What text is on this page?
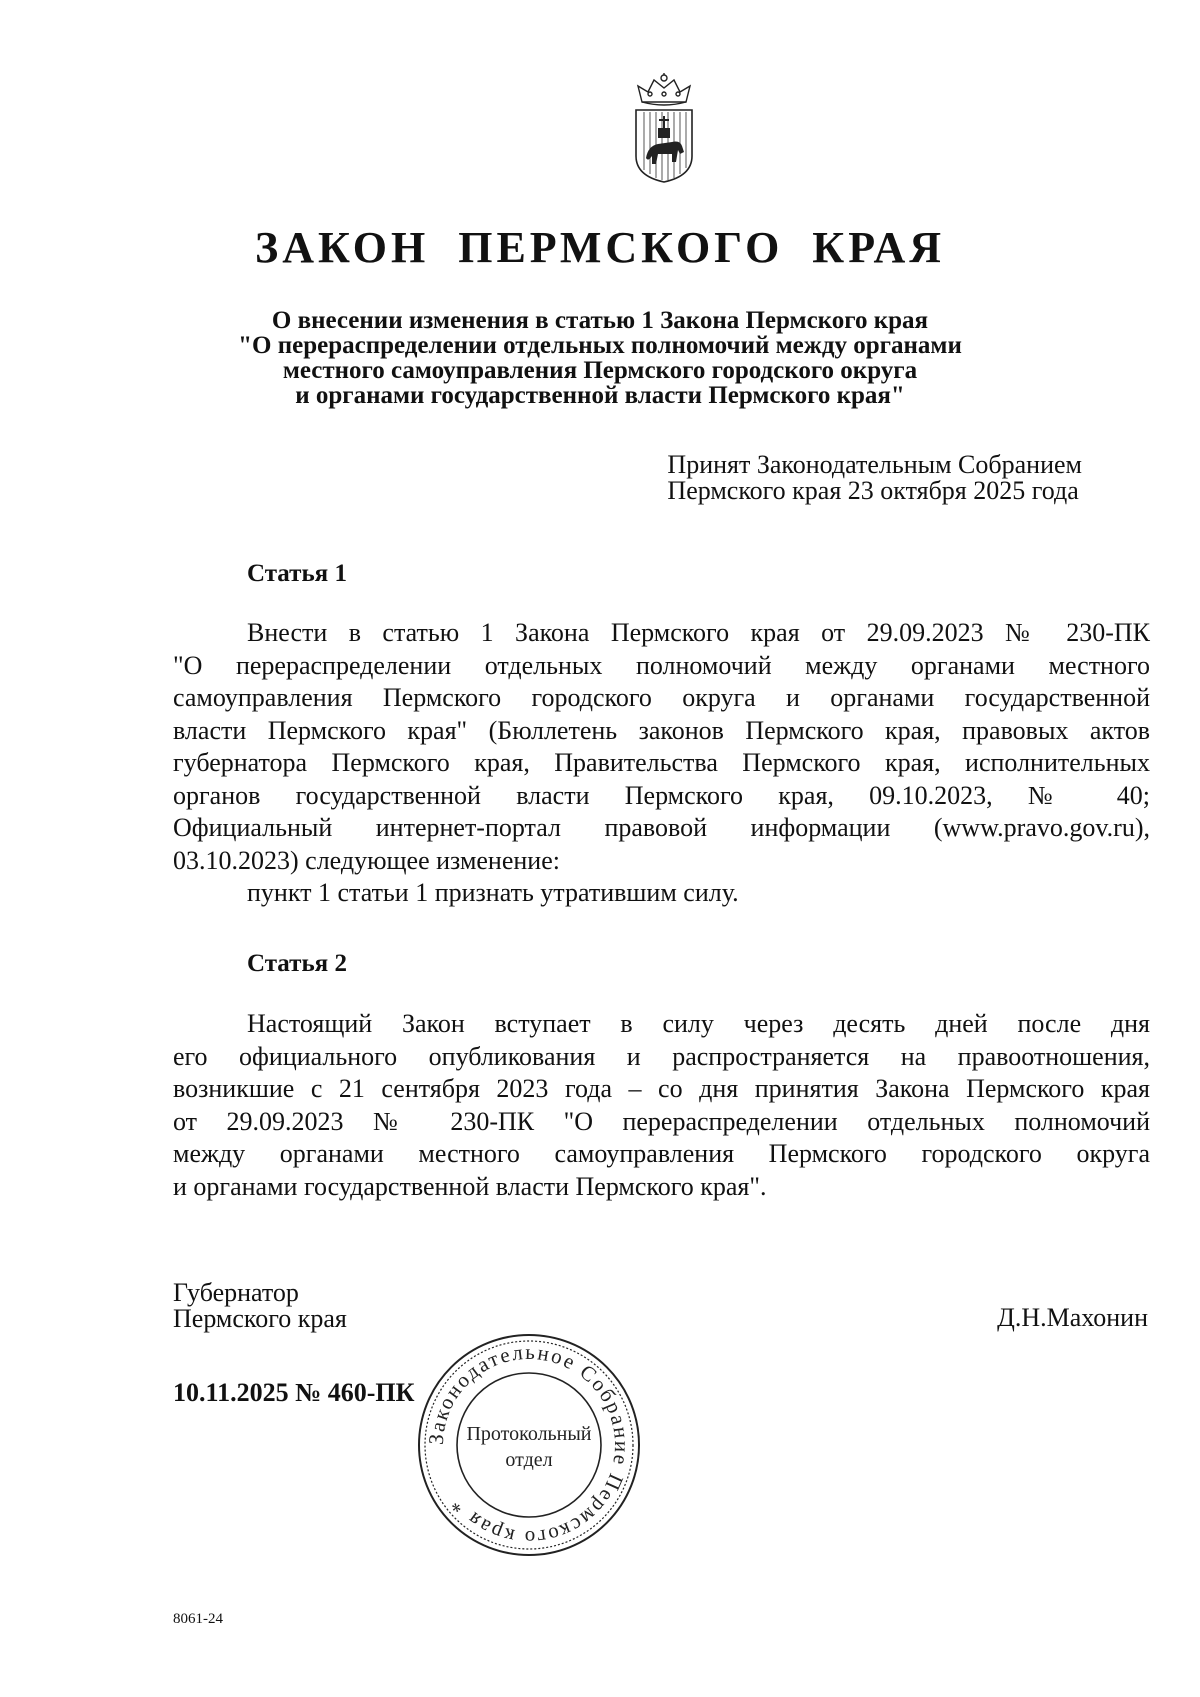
ЗАКОН ПЕРМСКОГО КРАЯ
О внесении изменения в статью 1 Закона Пермского края
"О перераспределении отдельных полномочий между органами
местного самоуправления Пермского городского округа
и органами государственной власти Пермского края"
Принят Законодательным Собранием
Пермского края 23 октября 2025 года
Статья 1
Внести в статью 1 Закона Пермского края от 29.09.2023 № 230-ПК
"О перераспределении отдельных полномочий между органами местного
самоуправления Пермского городского округа и органами государственной
власти Пермского края" (Бюллетень законов Пермского края, правовых актов
губернатора Пермского края, Правительства Пермского края, исполнительных
органов государственной власти Пермского края, 09.10.2023, № 40;
Официальный интернет-портал правовой информации (www.pravo.gov.ru),
03.10.2023) следующее изменение:
пункт 1 статьи 1 признать утратившим силу.
Статья 2
Настоящий Закон вступает в силу через десять дней после дня
его официального опубликования и распространяется на правоотношения,
возникшие с 21 сентября 2023 года – со дня принятия Закона Пермского края
от 29.09.2023 № 230-ПК "О перераспределении отдельных полномочий
между органами местного самоуправления Пермского городского округа
и органами государственной власти Пермского края".
Губернатор
Пермского края	Д.Н.Махонин
10.11.2025 № 460-ПК
Законодательное Собрание Пермского края *
Протокольный
отдел
8061-24
